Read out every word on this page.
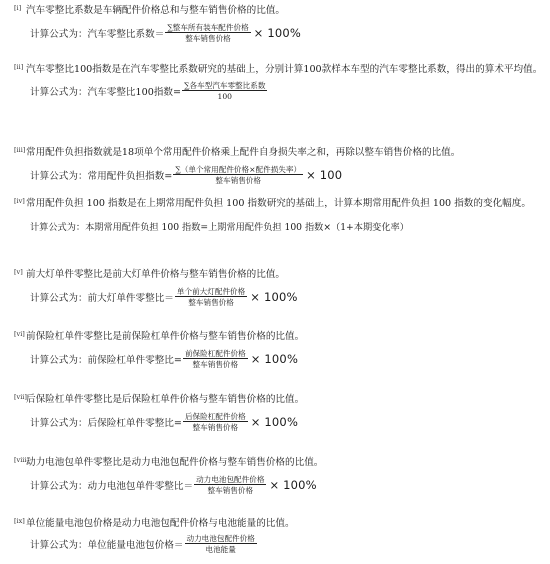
[i] 汽车零整比系数是车辆配件价格总和与整车销售价格的比值。

计算公式为：汽车零整比系数＝ $\frac{\text{∑整车所有装车配件价格}}{\text{整车销售价格}} \times 100\%$

[ii] 汽车零整比100指数是在汽车零整比系数研究的基础上，分别计算100款样本车型的汽车零整比系数，得出的算术平均值。

计算公式为：汽车零整比100指数= $\frac{\text{∑各车型汽车零整比系数}}{100}$

[iii]常用配件负担指数就是18项单个常用配件价格乘上配件自身损失率之和，再除以整车销售价格的比值。

计算公式为：常用配件负担指数= $\frac{\text{∑（单个常用配件价格×配件损失率）}}{\text{整车销售价格}} \times 100$

[iv]常用配件负担 100 指数是在上期常用配件负担 100 指数研究的基础上，计算本期常用配件负担 100 指数的变化幅度。

计算公式为：本期常用配件负担 100 指数=上期常用配件负担 100 指数×（1+本期变化率）

[v] 前大灯单件零整比是前大灯单件价格与整车销售价格的比值。

计算公式为：前大灯单件零整比＝ $\frac{\text{单个前大灯配件价格}}{\text{整车销售价格}} \times 100\%$

[vi]前保险杠单件零整比是前保险杠单件价格与整车销售价格的比值。

计算公式为：前保险杠单件零整比= $\frac{\text{前保险杠配件价格}}{\text{整车销售价格}} \times 100\%$

[vii]后保险杠单件零整比是后保险杠单件价格与整车销售价格的比值。

计算公式为：后保险杠单件零整比= $\frac{\text{后保险杠配件价格}}{\text{整车销售价格}} \times 100\%$

[viii]动力电池包单件零整比是动力电池包配件价格与整车销售价格的比值。

计算公式为：动力电池包单件零整比＝ $\frac{\text{动力电池包配件价格}}{\text{整车销售价格}} \times 100\%$

[ix]单位能量电池包价格是动力电池包配件价格与电池能量的比值。

计算公式为：单位能量电池包价格＝ $\frac{\text{动力电池包配件价格}}{\text{电池能量}}$
